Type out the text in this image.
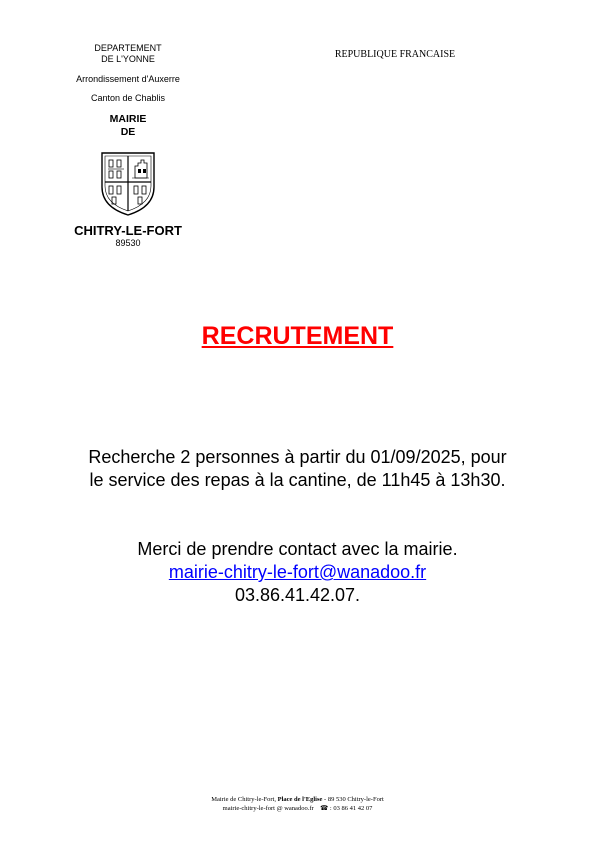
DEPARTEMENT
DE L'YONNE
Arrondissement d'Auxerre
Canton de Chablis
MAIRIE
DE
CHITRY-LE-FORT
89530
REPUBLIQUE FRANCAISE
RECRUTEMENT
Recherche 2 personnes à partir du 01/09/2025, pour
le service des repas à la cantine, de 11h45 à 13h30.
Merci de prendre contact avec la mairie.
mairie-chitry-le-fort@wanadoo.fr
03.86.41.42.07.
Mairie de Chitry-le-Fort, Place de l'Eglise - 89 530 Chitry-le-Fort
mairie-chitry-le-fort @ wanadoo.fr ☎ : 03 86 41 42 07
